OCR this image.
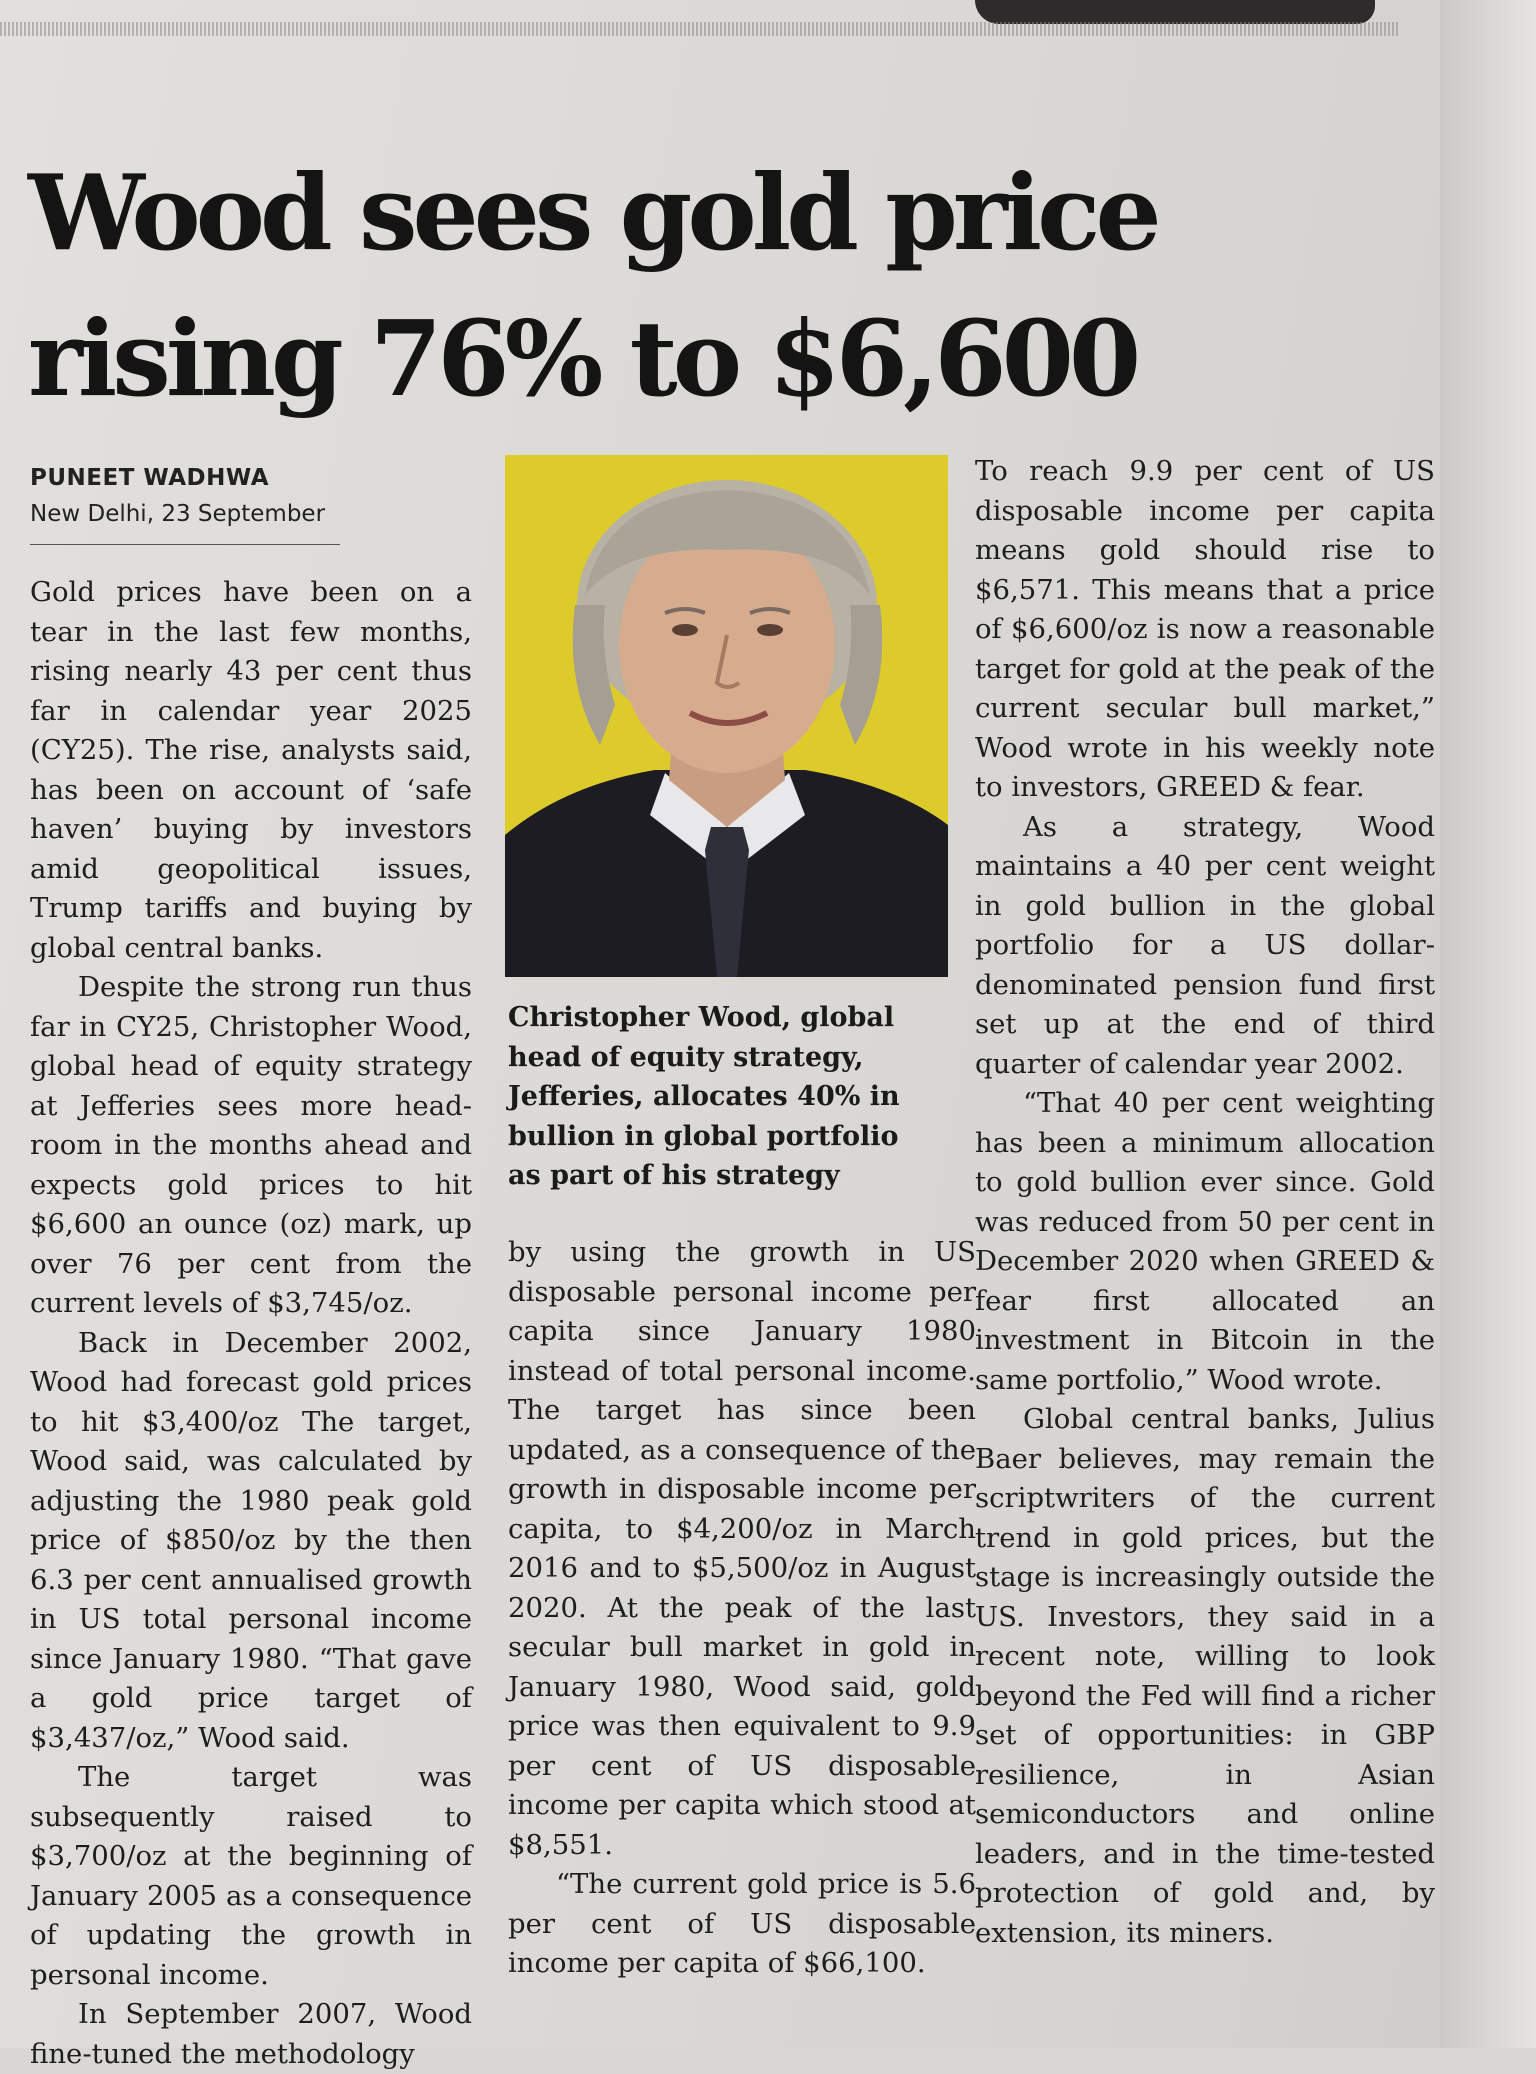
Wood sees gold price
rising 76% to $6,600
PUNEET WADHWA
New Delhi, 23 September

Gold prices have been on a tear in the last few months, rising nearly 43 per cent thus far in calendar year 2025 (CY25). The rise, analysts said, has been on account of ‘safe haven’ buying by investors amid geopolitical issues, Trump tariffs and buying by global central banks.

Despite the strong run thus far in CY25, Christopher Wood, global head of equity strategy at Jefferies sees more head-room in the months ahead and expects gold prices to hit $6,600 an ounce (oz) mark, up over 76 per cent from the current levels of $3,745/oz.

Back in December 2002, Wood had forecast gold prices to hit $3,400/oz The target, Wood said, was calculated by adjusting the 1980 peak gold price of $850/oz by the then 6.3 per cent annualised growth in US total personal income since January 1980. “That gave a gold price target of $3,437/oz,” Wood said.

The target was subsequently raised to $3,700/oz at the beginning of January 2005 as a consequence of updating the growth in personal income.

In September 2007, Wood fine-tuned the methodology

Christopher Wood, global head of equity strategy, Jefferies, allocates 40% in bullion in global portfolio as part of his strategy

by using the growth in US disposable personal income per capita since January 1980 instead of total personal income. The target has since been updated, as a consequence of the growth in disposable income per capita, to $4,200/oz in March 2016 and to $5,500/oz in August 2020. At the peak of the last secular bull market in gold in January 1980, Wood said, gold price was then equivalent to 9.9 per cent of US disposable income per capita which stood at $8,551.

“The current gold price is 5.6 per cent of US disposable income per capita of $66,100.

To reach 9.9 per cent of US disposable income per capita means gold should rise to $6,571. This means that a price of $6,600/oz is now a reasonable target for gold at the peak of the current secular bull market,” Wood wrote in his weekly note to investors, GREED & fear.

As a strategy, Wood maintains a 40 per cent weight in gold bullion in the global portfolio for a US dollar-denominated pension fund first set up at the end of third quarter of calendar year 2002.

“That 40 per cent weighting has been a minimum allocation to gold bullion ever since. Gold was reduced from 50 per cent in December 2020 when GREED & fear first allocated an investment in Bitcoin in the same portfolio,” Wood wrote.

Global central banks, Julius Baer believes, may remain the scriptwriters of the current trend in gold prices, but the stage is increasingly outside the US. Investors, they said in a recent note, willing to look beyond the Fed will find a richer set of opportunities: in GBP resilience, in Asian semiconductors and online leaders, and in the time-tested protection of gold and, by extension, its miners.
